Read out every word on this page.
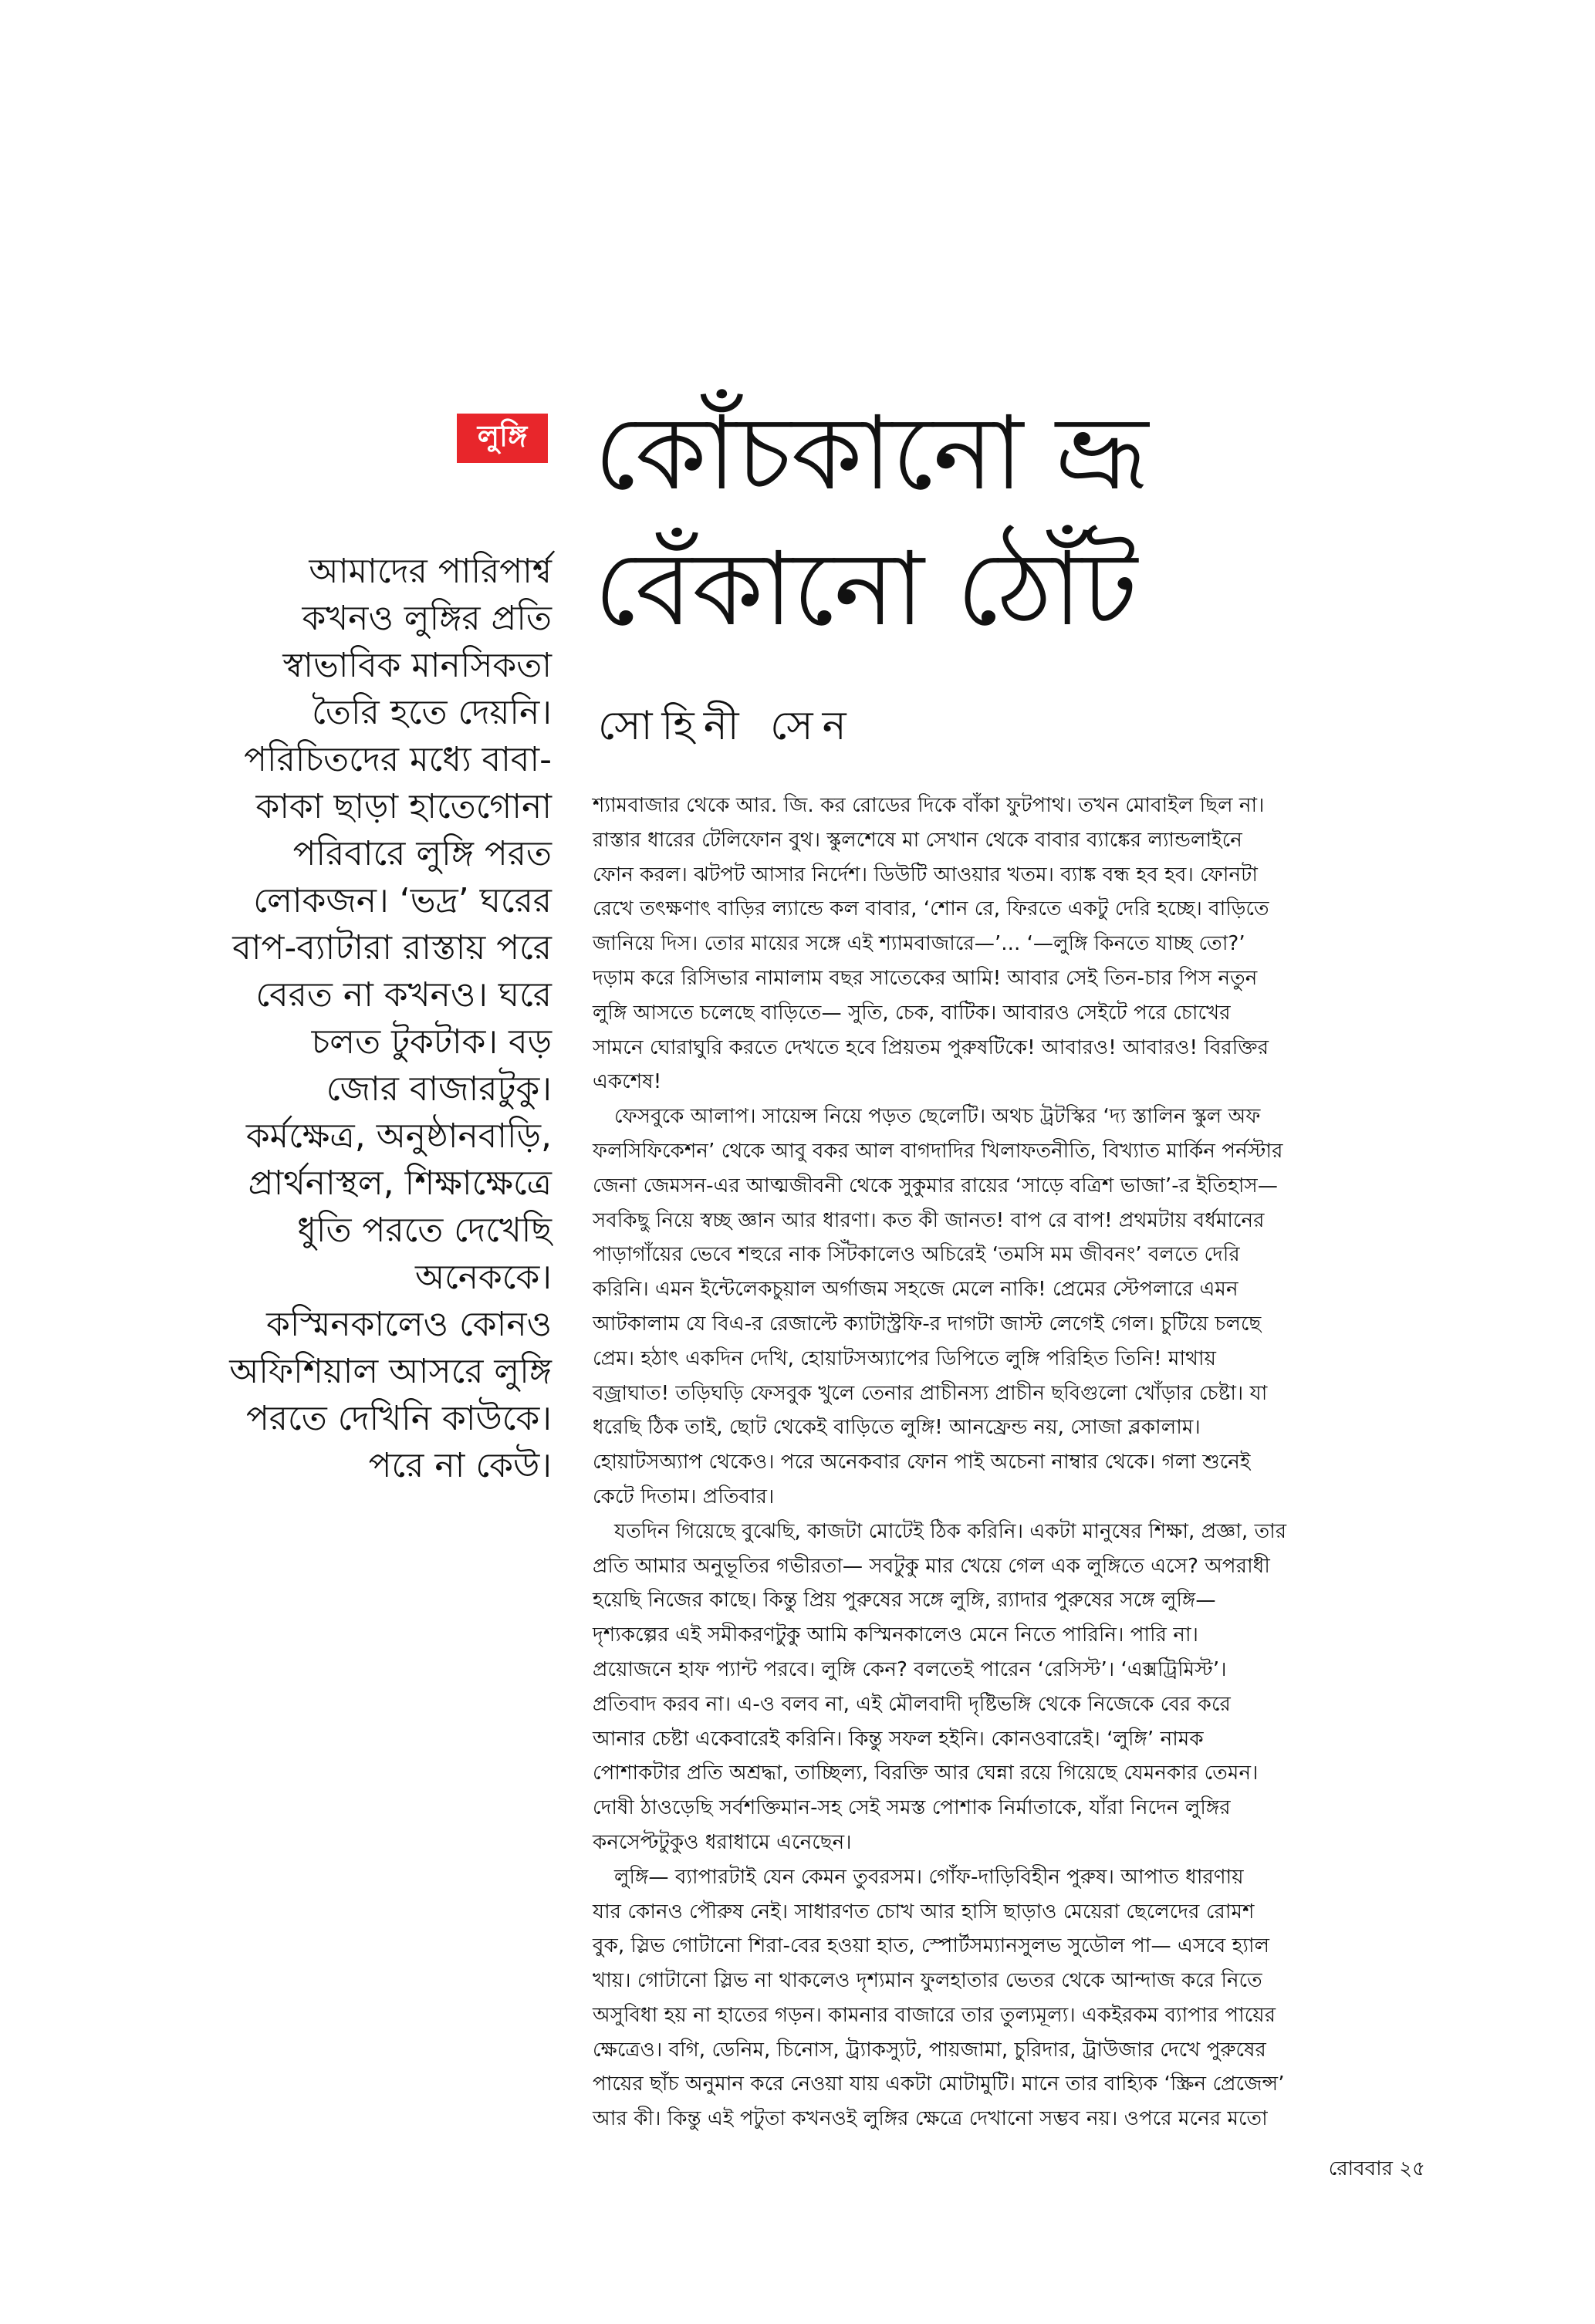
লুঙ্গি কোঁচকানো ভ্রূ
বেঁকানো ঠোঁট
সোহিনী সেন
আমাদের পারিপার্শ্ব
কখনও লুঙ্গির প্রতি
স্বাভাবিক মানসিকতা
তৈরি হতে দেয়নি।
পরিচিতদের মধ্যে বাবা-
কাকা ছাড়া হাতেগোনা
পরিবারে লুঙ্গি পরত
লোকজন। ‘ভদ্র’ ঘরের
বাপ-ব্যাটারা রাস্তায় পরে
বেরত না কখনও। ঘরে
চলত টুকটাক। বড়
জোর বাজারটুকু।
কর্মক্ষেত্র, অনুষ্ঠানবাড়ি,
প্রার্থনাস্থল, শিক্ষাক্ষেত্রে
ধুতি পরতে দেখেছি
অনেককে।
কস্মিনকালেও কোনও
অফিশিয়াল আসরে লুঙ্গি
পরতে দেখিনি কাউকে।
পরে না কেউ।
শ্যামবাজার থেকে আর. জি. কর রোডের দিকে বাঁকা ফুটপাথ। তখন মোবাইল ছিল না।
রাস্তার ধারের টেলিফোন বুথ। স্কুলশেষে মা সেখান থেকে বাবার ব্যাঙ্কের ল্যান্ডলাইনে
ফোন করল। ঝটপট আসার নির্দেশ। ডিউটি আওয়ার খতম। ব্যাঙ্ক বন্ধ হব হব। ফোনটা
রেখে তৎক্ষণাৎ বাড়ির ল্যান্ডে কল বাবার, ‘শোন রে, ফিরতে একটু দেরি হচ্ছে। বাড়িতে
জানিয়ে দিস। তোর মায়ের সঙ্গে এই শ্যামবাজারে—’... ‘—লুঙ্গি কিনতে যাচ্ছ তো?’
দড়াম করে রিসিভার নামালাম বছর সাতেকের আমি! আবার সেই তিন-চার পিস নতুন
লুঙ্গি আসতে চলেছে বাড়িতে— সুতি, চেক, বাটিক। আবারও সেইটে পরে চোখের
সামনে ঘোরাঘুরি করতে দেখতে হবে প্রিয়তম পুরুষটিকে! আবারও! আবারও! বিরক্তির
একশেষ!
ফেসবুকে আলাপ। সায়েন্স নিয়ে পড়ত ছেলেটি। অথচ ট্রটস্কির ‘দ্য স্তালিন স্কুল অফ
ফলসিফিকেশন’ থেকে আবু বকর আল বাগদাদির খিলাফতনীতি, বিখ্যাত মার্কিন পর্নস্টার
জেনা জেমসন-এর আত্মজীবনী থেকে সুকুমার রায়ের ‘সাড়ে বত্রিশ ভাজা’-র ইতিহাস—
সবকিছু নিয়ে স্বচ্ছ জ্ঞান আর ধারণা। কত কী জানত! বাপ রে বাপ! প্রথমটায় বর্ধমানের
পাড়াগাঁয়ের ভেবে শহুরে নাক সিঁটকালেও অচিরেই ‘তমসি মম জীবনং’ বলতে দেরি
করিনি। এমন ইন্টেলেকচুয়াল অর্গাজম সহজে মেলে নাকি! প্রেমের স্টেপলারে এমন
আটকালাম যে বিএ-র রেজাল্টে ক্যাটাস্ট্রফি-র দাগটা জাস্ট লেগেই গেল। চুটিয়ে চলছে
প্রেম। হঠাৎ একদিন দেখি, হোয়াটসঅ্যাপের ডিপিতে লুঙ্গি পরিহিত তিনি! মাথায়
বজ্রাঘাত! তড়িঘড়ি ফেসবুক খুলে তেনার প্রাচীনস্য প্রাচীন ছবিগুলো খোঁড়ার চেষ্টা। যা
ধরেছি ঠিক তাই, ছোট থেকেই বাড়িতে লুঙ্গি! আনফ্রেন্ড নয়, সোজা ব্লকালাম।
হোয়াটসঅ্যাপ থেকেও। পরে অনেকবার ফোন পাই অচেনা নাম্বার থেকে। গলা শুনেই
কেটে দিতাম। প্রতিবার।
যতদিন গিয়েছে বুঝেছি, কাজটা মোটেই ঠিক করিনি। একটা মানুষের শিক্ষা, প্রজ্ঞা, তার
প্রতি আমার অনুভূতির গভীরতা— সবটুকু মার খেয়ে গেল এক লুঙ্গিতে এসে? অপরাধী
হয়েছি নিজের কাছে। কিন্তু প্রিয় পুরুষের সঙ্গে লুঙ্গি, র‍্যাদার পুরুষের সঙ্গে লুঙ্গি—
দৃশ্যকল্পের এই সমীকরণটুকু আমি কস্মিনকালেও মেনে নিতে পারিনি। পারি না।
প্রয়োজনে হাফ প্যান্ট পরবে। লুঙ্গি কেন? বলতেই পারেন ‘রেসিস্ট’। ‘এক্সট্রিমিস্ট’।
প্রতিবাদ করব না। এ-ও বলব না, এই মৌলবাদী দৃষ্টিভঙ্গি থেকে নিজেকে বের করে
আনার চেষ্টা একেবারেই করিনি। কিন্তু সফল হইনি। কোনওবারেই। ‘লুঙ্গি’ নামক
পোশাকটার প্রতি অশ্রদ্ধা, তাচ্ছিল্য, বিরক্তি আর ঘেন্না রয়ে গিয়েছে যেমনকার তেমন।
দোষী ঠাওড়েছি সর্বশক্তিমান-সহ সেই সমস্ত পোশাক নির্মাতাকে, যাঁরা নিদেন লুঙ্গির
কনসেপ্টটুকুও ধরাধামে এনেছেন।
লুঙ্গি— ব্যাপারটাই যেন কেমন তুবরসম। গোঁফ-দাড়িবিহীন পুরুষ। আপাত ধারণায়
যার কোনও পৌরুষ নেই। সাধারণত চোখ আর হাসি ছাড়াও মেয়েরা ছেলেদের রোমশ
বুক, স্লিভ গোটানো শিরা-বের হওয়া হাত, স্পোর্টসম্যানসুলভ সুডৌল পা— এসবে হ্যাল
খায়। গোটানো স্লিভ না থাকলেও দৃশ্যমান ফুলহাতার ভেতর থেকে আন্দাজ করে নিতে
অসুবিধা হয় না হাতের গড়ন। কামনার বাজারে তার তুল্যমূল্য। একইরকম ব্যাপার পায়ের
ক্ষেত্রেও। বগি, ডেনিম, চিনোস, ট্র্যাকস্যুট, পায়জামা, চুরিদার, ট্রাউজার দেখে পুরুষের
পায়ের ছাঁচ অনুমান করে নেওয়া যায় একটা মোটামুটি। মানে তার বাহ্যিক ‘স্ক্রিন প্রেজেন্স’
আর কী। কিন্তু এই পটুতা কখনওই লুঙ্গির ক্ষেত্রে দেখানো সম্ভব নয়। ওপরে মনের মতো
রোববার ২৫
